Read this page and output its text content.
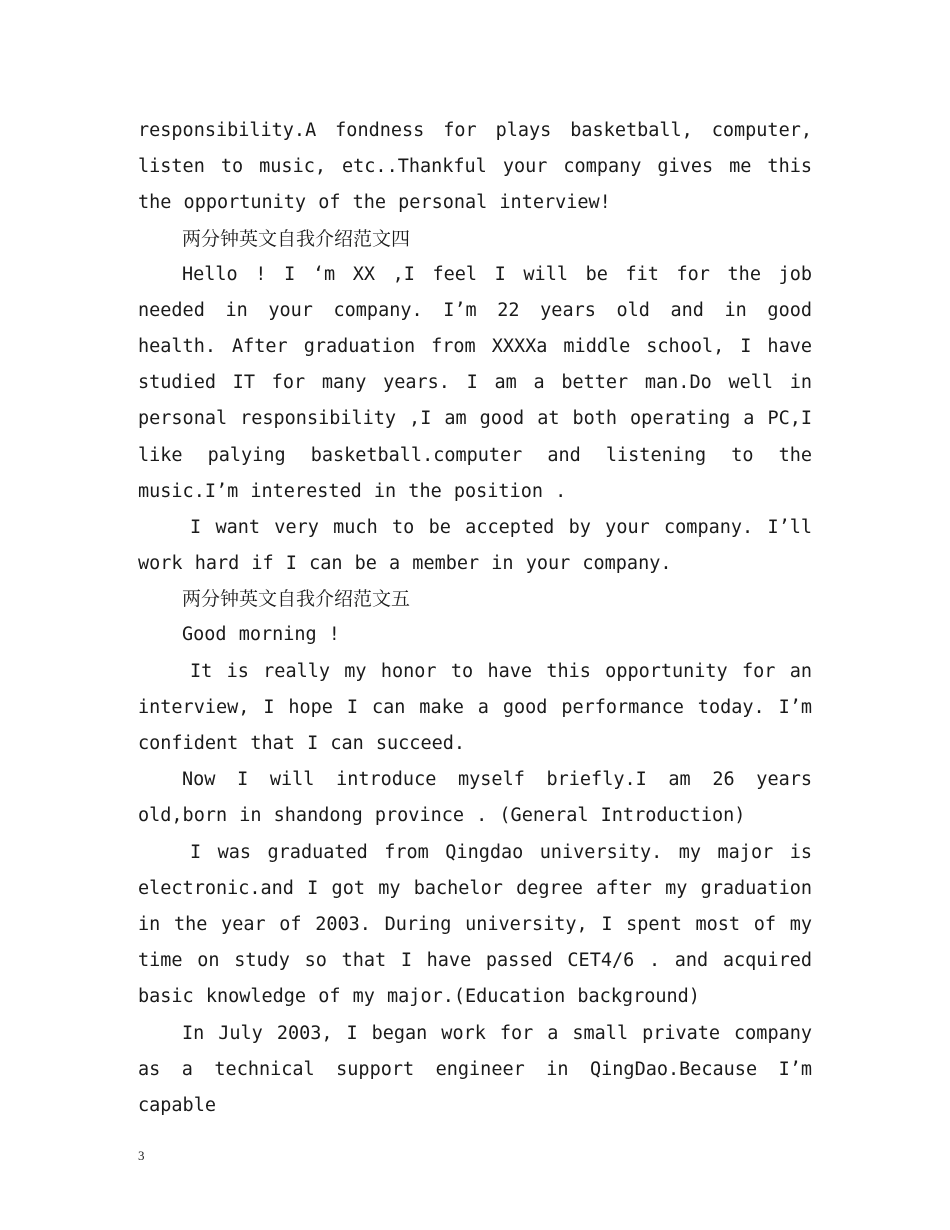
responsibility.A fondness for plays basketball, computer, listen to music, etc..Thankful your company gives me this the opportunity of the personal interview!

两分钟英文自我介绍范文四

Hello ! I ‘m XX ,I feel I will be fit for the job needed in your company. I’m 22 years old and in good health. After graduation from XXXXa middle school, I have studied IT for many years. I am a better man.Do well in personal responsibility ,I am good at both operating a PC,I like palying basketball.computer and listening to the music.I’m interested in the position .

I want very much to be accepted by your company. I’ll work hard if I can be a member in your company.

两分钟英文自我介绍范文五

Good morning !

It is really my honor to have this opportunity for an interview, I hope I can make a good performance today. I’m confident that I can succeed.

Now I will introduce myself briefly.I am 26 years old,born in shandong province . (General Introduction)

I was graduated from Qingdao university. my major is electronic.and I got my bachelor degree after my graduation in the year of 2003. During university, I spent most of my time on study so that I have passed CET4/6 . and acquired basic knowledge of my major.(Education background)

In July 2003, I began work for a small private company as a technical support engineer in QingDao.Because I’m capable

3
